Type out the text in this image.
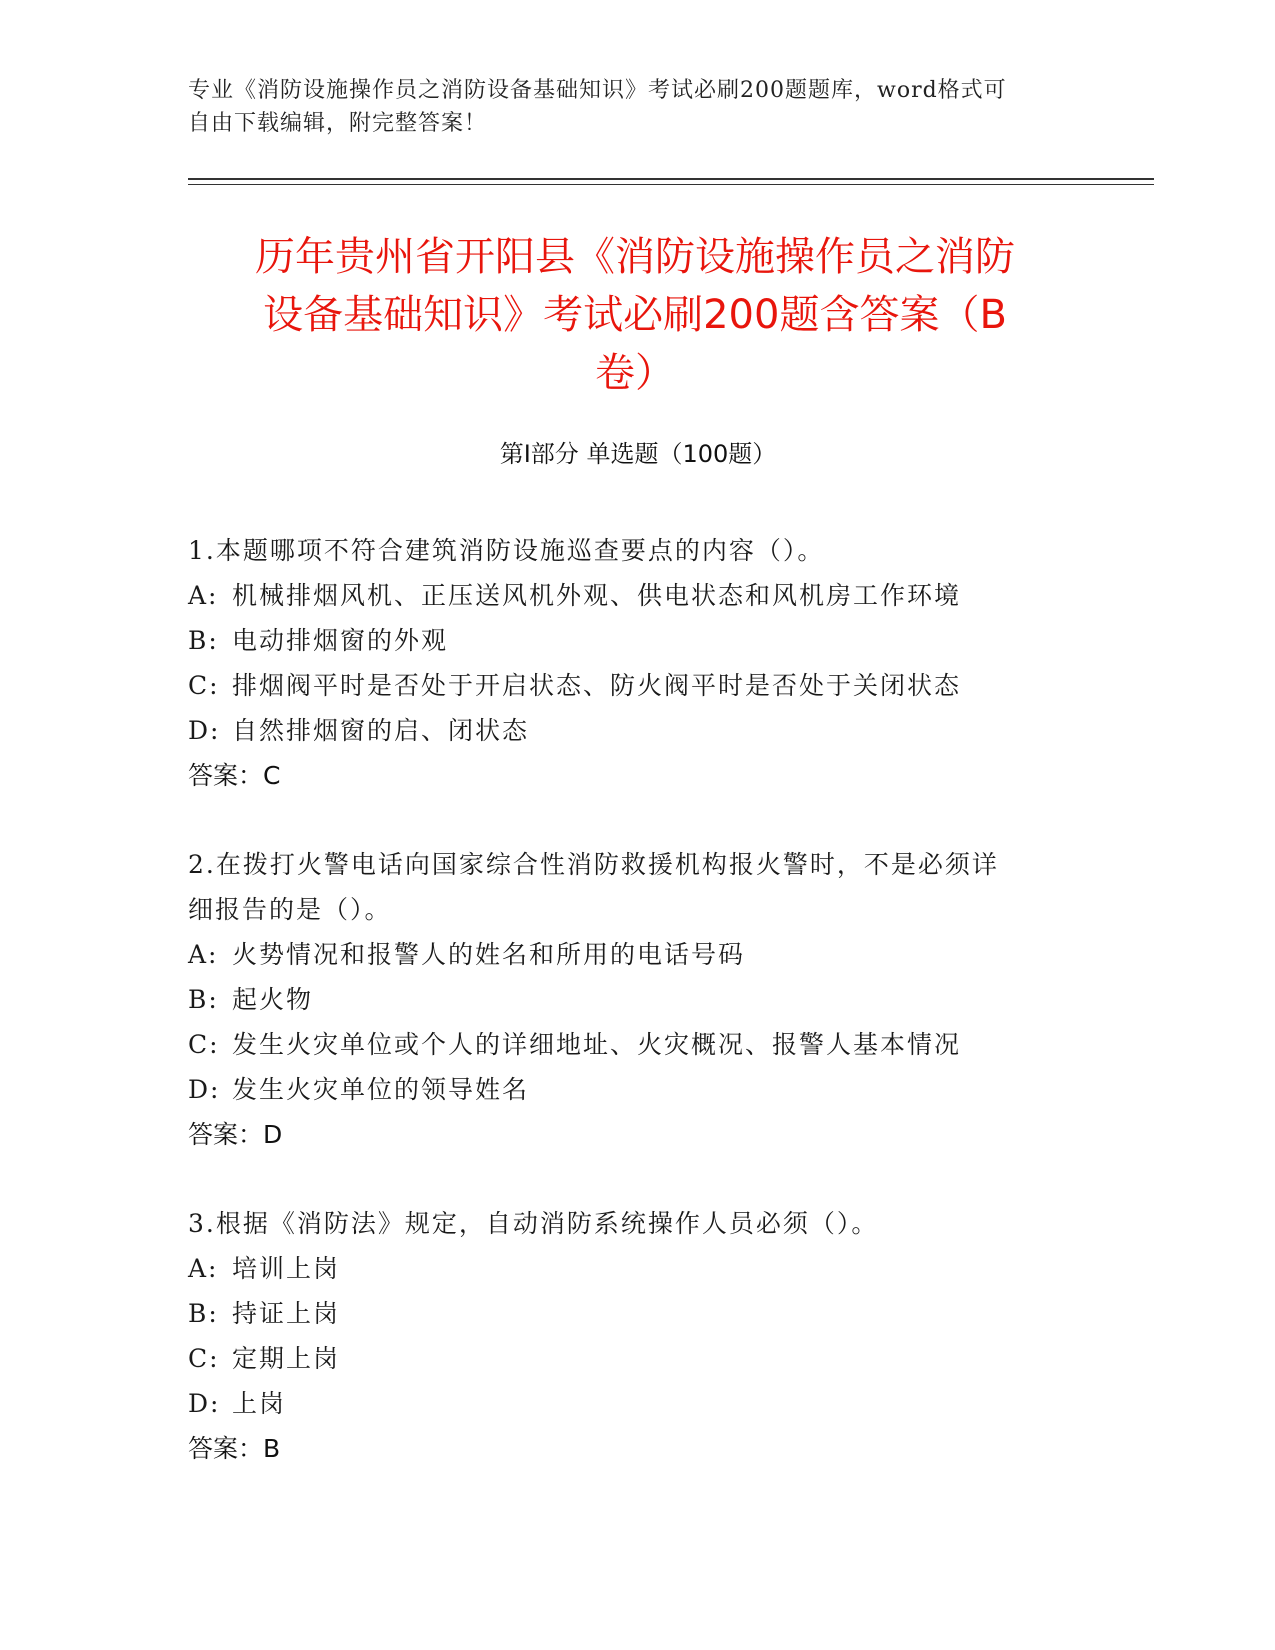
专业《消防设施操作员之消防设备基础知识》考试必刷200题题库，word格式可
自由下载编辑，附完整答案！
历年贵州省开阳县《消防设施操作员之消防
设备基础知识》考试必刷200题含答案（B
卷）
第Ⅰ部分 单选题（100题）
1.本题哪项不符合建筑消防设施巡查要点的内容（）。
A: 机械排烟风机、正压送风机外观、供电状态和风机房工作环境
B: 电动排烟窗的外观
C: 排烟阀平时是否处于开启状态、防火阀平时是否处于关闭状态
D: 自然排烟窗的启、闭状态
答案：C
2.在拨打火警电话向国家综合性消防救援机构报火警时，不是必须详
细报告的是（）。
A: 火势情况和报警人的姓名和所用的电话号码
B: 起火物
C: 发生火灾单位或个人的详细地址、火灾概况、报警人基本情况
D: 发生火灾单位的领导姓名
答案：D
3.根据《消防法》规定，自动消防系统操作人员必须（）。
A: 培训上岗
B: 持证上岗
C: 定期上岗
D: 上岗
答案：B
